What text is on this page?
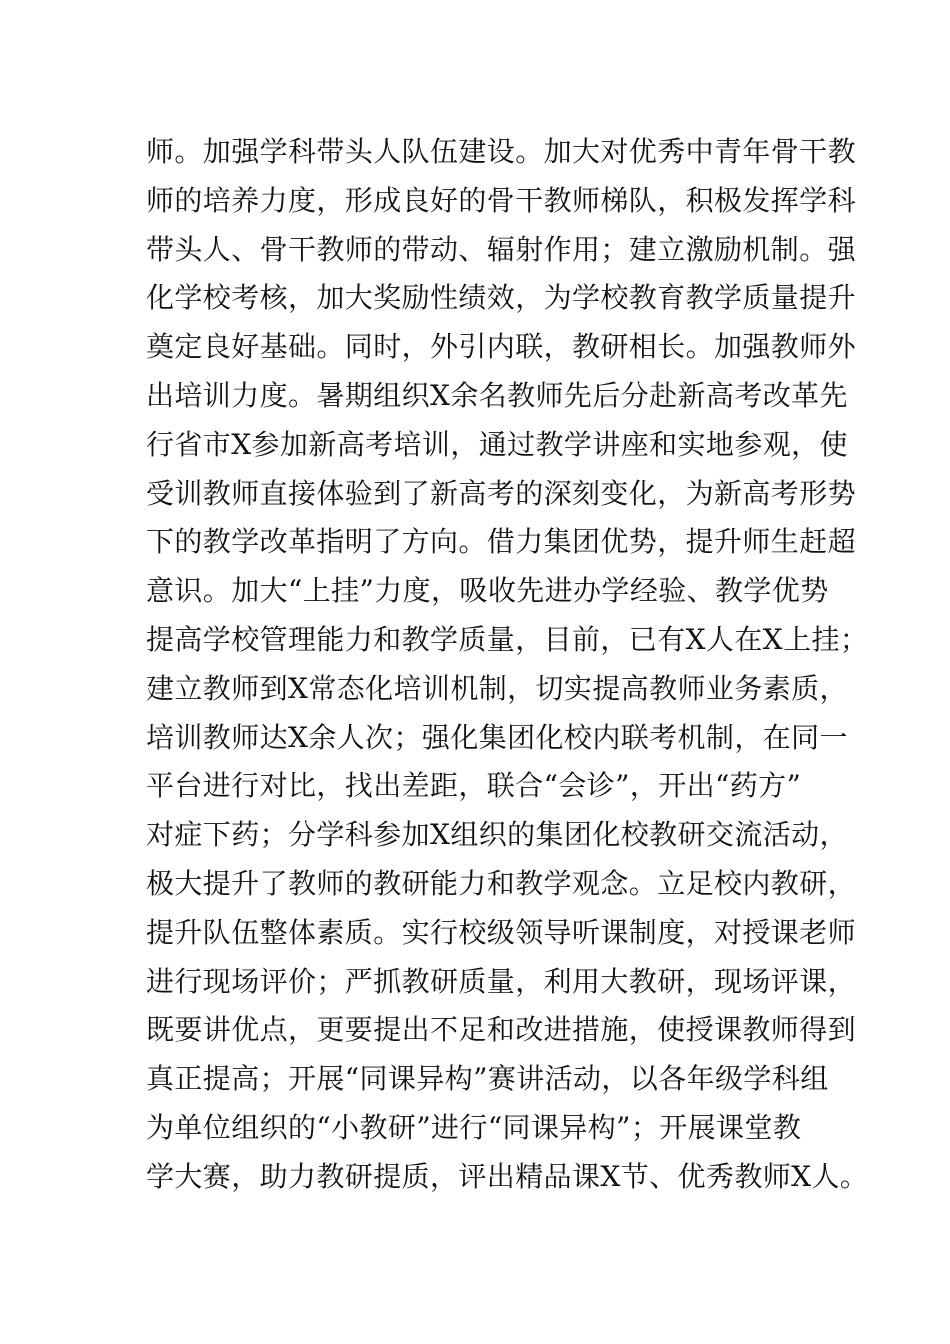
师。加强学科带头人队伍建设。加大对优秀中青年骨干教
师的培养力度，形成良好的骨干教师梯队，积极发挥学科
带头人、骨干教师的带动、辐射作用；建立激励机制。强
化学校考核，加大奖励性绩效，为学校教育教学质量提升
奠定良好基础。同时，外引内联，教研相长。加强教师外
出培训力度。暑期组织X余名教师先后分赴新高考改革先
行省市X参加新高考培训，通过教学讲座和实地参观，使
受训教师直接体验到了新高考的深刻变化，为新高考形势
下的教学改革指明了方向。借力集团优势，提升师生赶超
意识。加大“上挂”力度，吸收先进办学经验、教学优势
提高学校管理能力和教学质量，目前，已有X人在X上挂；
建立教师到X常态化培训机制，切实提高教师业务素质，
培训教师达X余人次；强化集团化校内联考机制，在同一
平台进行对比，找出差距，联合“会诊”，开出“药方”
对症下药；分学科参加X组织的集团化校教研交流活动，
极大提升了教师的教研能力和教学观念。立足校内教研，
提升队伍整体素质。实行校级领导听课制度，对授课老师
进行现场评价；严抓教研质量，利用大教研，现场评课，
既要讲优点，更要提出不足和改进措施，使授课教师得到
真正提高；开展“同课异构”赛讲活动，以各年级学科组
为单位组织的“小教研”进行“同课异构”；开展课堂教
学大赛，助力教研提质，评出精品课X节、优秀教师X人。
